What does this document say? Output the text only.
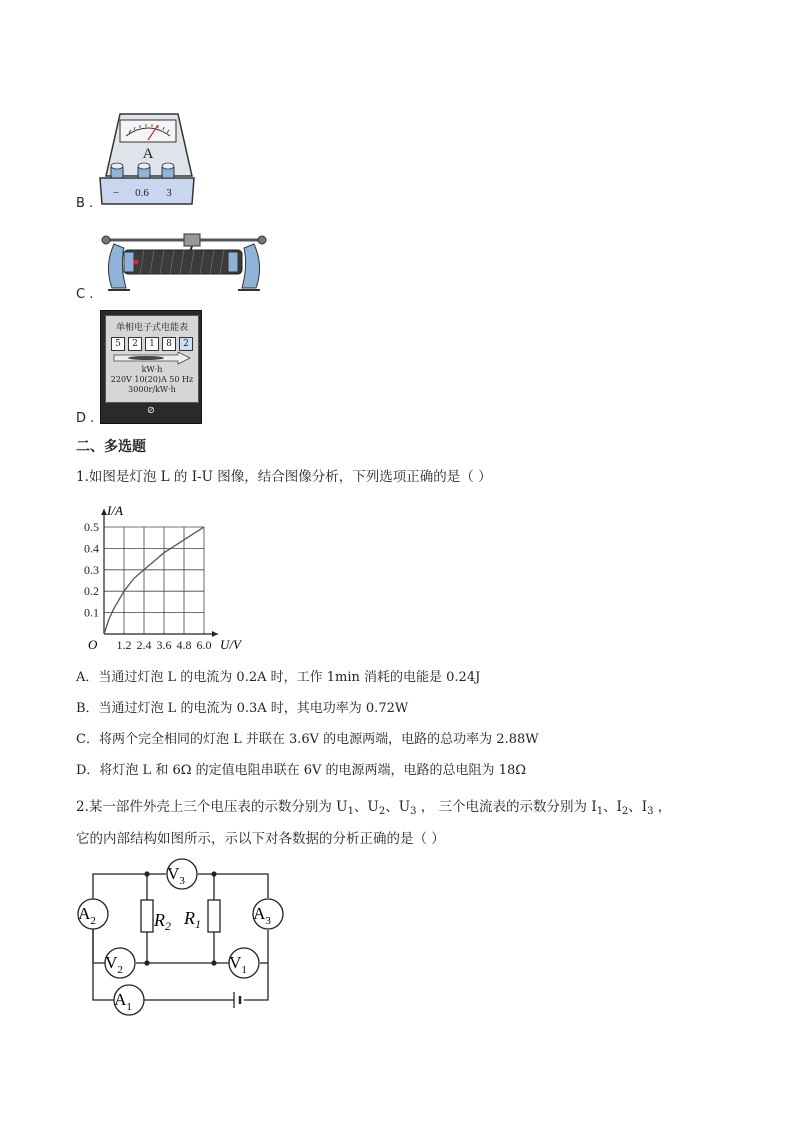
B .
A
− 0.6 3
C .
D .
单相电子式电能表
5	2	1	8	2
kW·h
220V 10(20)A 50 Hz
3000r/kW·h
⊘
二、多选题
1.如图是灯泡 L 的 I-U 图像，结合图像分析，下列选项正确的是（ ）
1.2 2.4 3.6 4.8 6.0
0.1
0.2
0.3
0.4
0.5
I/A
U/V
O
A．当通过灯泡 L 的电流为 0.2A 时，工作 1min 消耗的电能是 0.24J
B．当通过灯泡 L 的电流为 0.3A 时，其电功率为 0.72W
C．将两个完全相同的灯泡 L 并联在 3.6V 的电源两端，电路的总功率为 2.88W
D．将灯泡 L 和 6Ω 的定值电阻串联在 6V 的电源两端，电路的总电阻为 18Ω
2.某一部件外壳上三个电压表的示数分别为 $U_1$、$U_2$、$U_3$ ， 三个电流表的示数分别为 $I_1$、$I_2$、$I_3$ ，
它的内部结构如图所示，示以下对各数据的分析正确的是（ ）
$R_2$ $R_1$
$V_3$
$A_2$	$A_3$
$V_2$	$V_1$
$A_1$
